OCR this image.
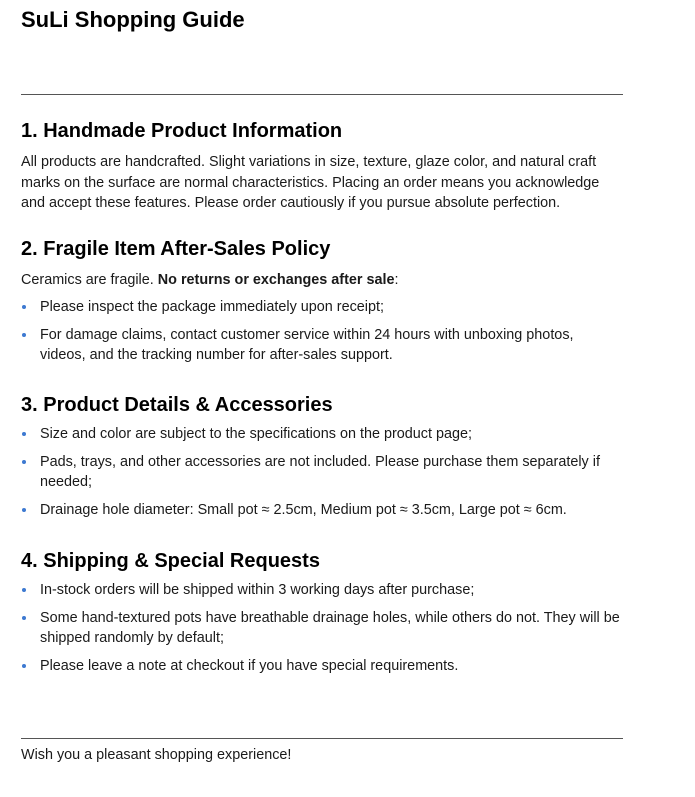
SuLi Shopping Guide
1. Handmade Product Information

All products are handcrafted. Slight variations in size, texture, glaze color, and natural craft marks on the surface are normal characteristics. Placing an order means you acknowledge and accept these features. Please order cautiously if you pursue absolute perfection.

2. Fragile Item After-Sales Policy

Ceramics are fragile. No returns or exchanges after sale:

Please inspect the package immediately upon receipt;
For damage claims, contact customer service within 24 hours with unboxing photos, videos, and the tracking number for after-sales support.
3. Product Details & Accessories
Size and color are subject to the specifications on the product page;
Pads, trays, and other accessories are not included. Please purchase them separately if needed;
Drainage hole diameter: Small pot ≈ 2.5cm, Medium pot ≈ 3.5cm, Large pot ≈ 6cm.
4. Shipping & Special Requests
In-stock orders will be shipped within 3 working days after purchase;
Some hand-textured pots have breathable drainage holes, while others do not. They will be shipped randomly by default;
Please leave a note at checkout if you have special requirements.

Wish you a pleasant shopping experience!
